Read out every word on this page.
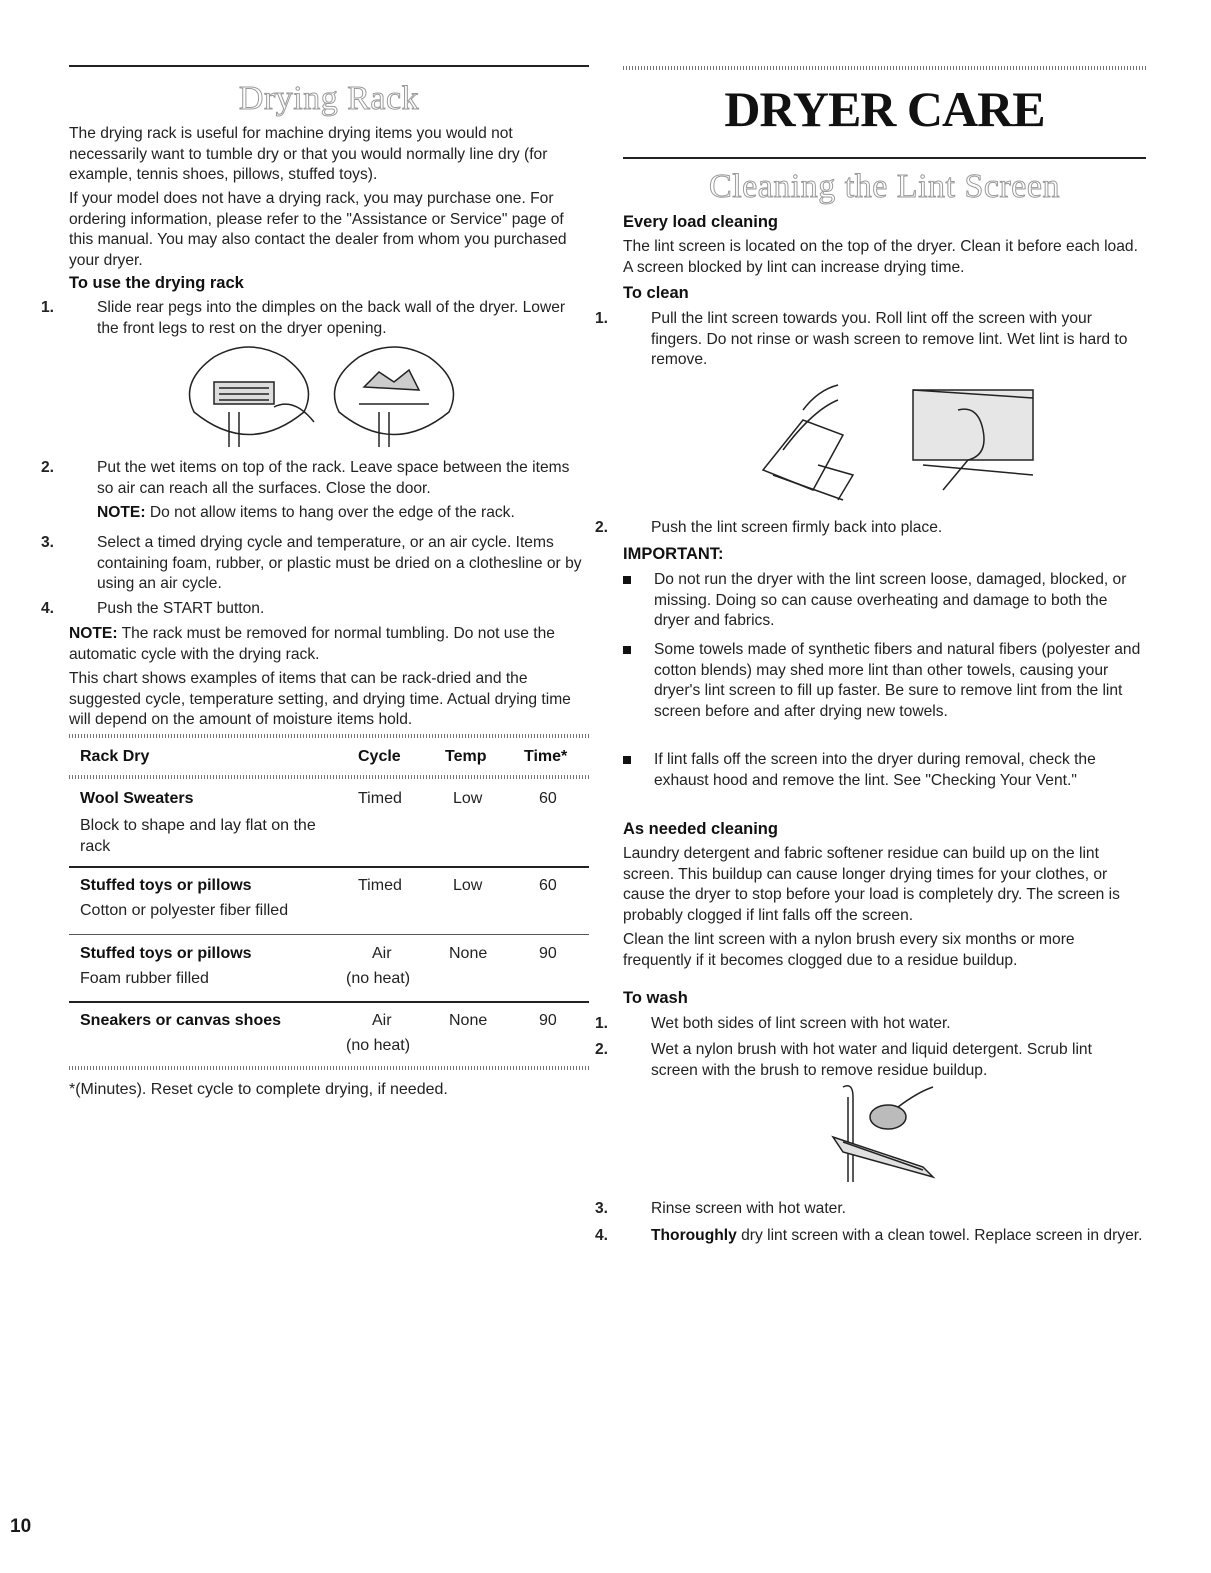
Drying Rack
The drying rack is useful for machine drying items you would not necessarily want to tumble dry or that you would normally line dry (for example, tennis shoes, pillows, stuffed toys).
If your model does not have a drying rack, you may purchase one. For ordering information, please refer to the "Assistance or Service" page of this manual. You may also contact the dealer from whom you purchased your dryer.
To use the drying rack
1.	Slide rear pegs into the dimples on the back wall of the dryer. Lower the front legs to rest on the dryer opening.
2.	Put the wet items on top of the rack. Leave space between the items so air can reach all the surfaces. Close the door.
NOTE: Do not allow items to hang over the edge of the rack.
3.	Select a timed drying cycle and temperature, or an air cycle. Items containing foam, rubber, or plastic must be dried on a clothesline or by using an air cycle.
4.	Push the START button.
NOTE: The rack must be removed for normal tumbling. Do not use the automatic cycle with the drying rack.
This chart shows examples of items that can be rack-dried and the suggested cycle, temperature setting, and drying time. Actual drying time will depend on the amount of moisture items hold.
Rack Dry	Cycle	Temp Time*
Wool Sweaters
Block to shape and lay flat on the rack
Timed	Low	60
Stuffed toys or pillows
Cotton or polyester fiber filled
Timed	Low	60
Stuffed toys or pillows
Foam rubber filled
Air
(no heat)
None	90
Sneakers or canvas shoes	Air
(no heat)
None	90
*(Minutes). Reset cycle to complete drying, if needed.
DRYER CARE
Cleaning the Lint Screen
Every load cleaning
The lint screen is located on the top of the dryer. Clean it before each load. A screen blocked by lint can increase drying time.
To clean
1.	Pull the lint screen towards you. Roll lint off the screen with your fingers. Do not rinse or wash screen to remove lint. Wet lint is hard to remove.
2.	Push the lint screen firmly back into place.
IMPORTANT:
Do not run the dryer with the lint screen loose, damaged, blocked, or missing. Doing so can cause overheating and damage to both the dryer and fabrics.
Some towels made of synthetic fibers and natural fibers (polyester and cotton blends) may shed more lint than other towels, causing your dryer's lint screen to fill up faster. Be sure to remove lint from the lint screen before and after drying new towels.
If lint falls off the screen into the dryer during removal, check the exhaust hood and remove the lint. See "Checking Your Vent."
As needed cleaning
Laundry detergent and fabric softener residue can build up on the lint screen. This buildup can cause longer drying times for your clothes, or cause the dryer to stop before your load is completely dry. The screen is probably clogged if lint falls off the screen.
Clean the lint screen with a nylon brush every six months or more frequently if it becomes clogged due to a residue buildup.
To wash
1.	Wet both sides of lint screen with hot water.
2.	Wet a nylon brush with hot water and liquid detergent. Scrub lint screen with the brush to remove residue buildup.
3.	Rinse screen with hot water.
4.	Thoroughly dry lint screen with a clean towel. Replace screen in dryer.
10
